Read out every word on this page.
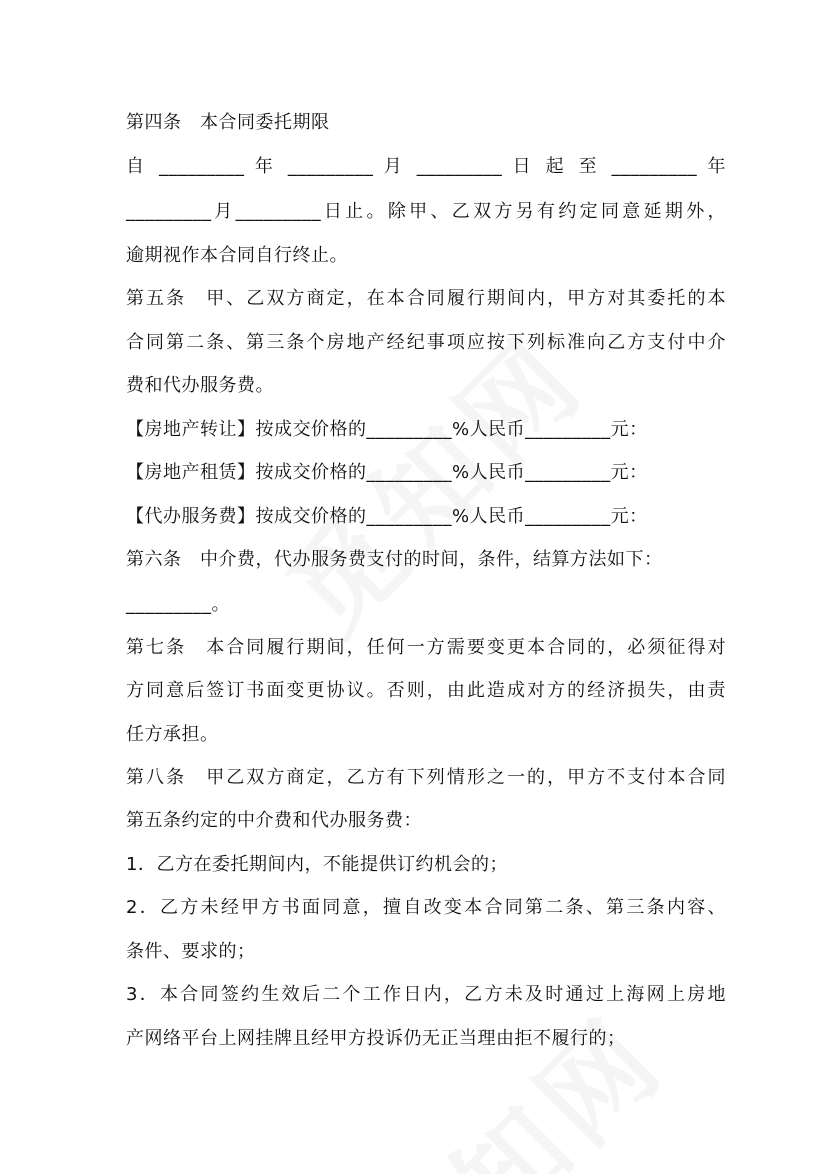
第四条　本合同委托期限
自 _________ 年 _________ 月 _________ 日 起 至 _________ 年
_________月_________日止。除甲、乙双方另有约定同意延期外，
逾期视作本合同自行终止。
第五条　甲、乙双方商定，在本合同履行期间内，甲方对其委托的本
合同第二条、第三条个房地产经纪事项应按下列标准向乙方支付中介
费和代办服务费。
【房地产转让】按成交价格的_________%人民币_________元：
【房地产租赁】按成交价格的_________%人民币_________元：
【代办服务费】按成交价格的_________%人民币_________元：
第六条　中介费，代办服务费支付的时间，条件，结算方法如下：
_________。
第七条　本合同履行期间，任何一方需要变更本合同的，必须征得对
方同意后签订书面变更协议。否则，由此造成对方的经济损失，由责
任方承担。
第八条　甲乙双方商定，乙方有下列情形之一的，甲方不支付本合同
第五条约定的中介费和代办服务费：
1．乙方在委托期间内，不能提供订约机会的；
2．乙方未经甲方书面同意，擅自改变本合同第二条、第三条内容、
条件、要求的；
3．本合同签约生效后二个工作日内，乙方未及时通过上海网上房地
产网络平台上网挂牌且经甲方投诉仍无正当理由拒不履行的；
